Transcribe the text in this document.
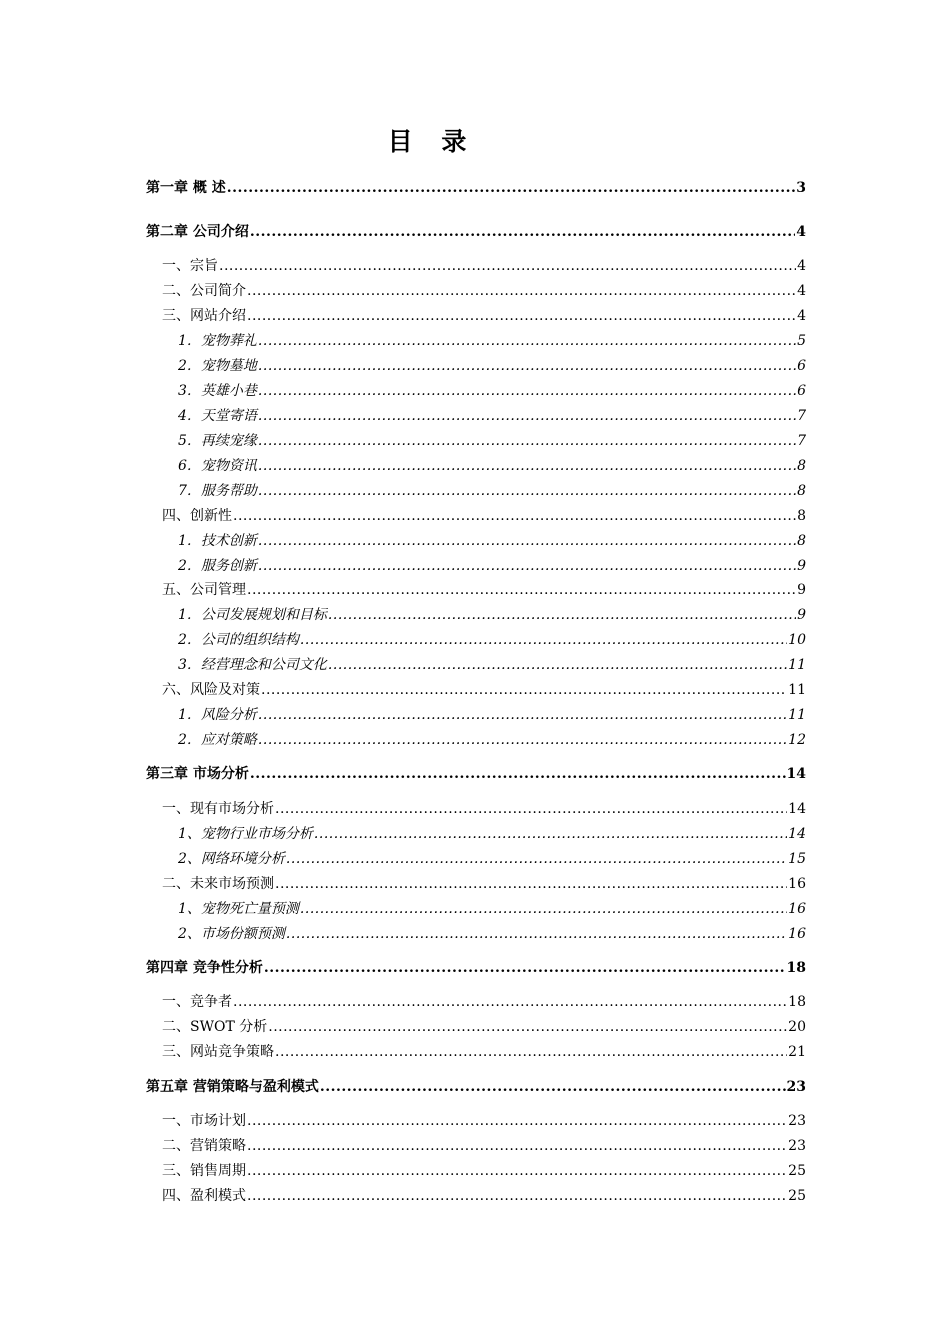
目 录
第一章 概 述 .....	3
第二章 公司介绍 .....	4
一、宗旨 .....	4
二、公司简介 .....	4
三、网站介绍 .....	4
1．宠物葬礼 .....	5
2．宠物墓地 .....	6
3．英雄小巷 .....	6
4．天堂寄语 .....	7
5．再续宠缘 .....	7
6．宠物资讯 .....	8
7．服务帮助 .....	8
四、创新性 .....	8
1．技术创新 .....	8
2．服务创新 .....	9
五、公司管理 .....	9
1．公司发展规划和目标 .....	9
2．公司的组织结构 .....	10
3．经营理念和公司文化 .....	11
六、风险及对策 .....	11
1．风险分析 .....	11
2．应对策略 .....	12
第三章 市场分析 .....	14
一、现有市场分析 .....	14
1、宠物行业市场分析 .....	14
2、网络环境分析 .....	15
二、未来市场预测 .....	16
1、宠物死亡量预测 .....	16
2、市场份额预测 .....	16
第四章 竞争性分析 .....	18
一、竞争者 .....	18
二、SWOT 分析 .....	20
三、网站竞争策略 .....	21
第五章 营销策略与盈利模式 .....	23
一、市场计划 .....	23
二、营销策略 .....	23
三、销售周期 .....	25
四、盈利模式 .....	25
